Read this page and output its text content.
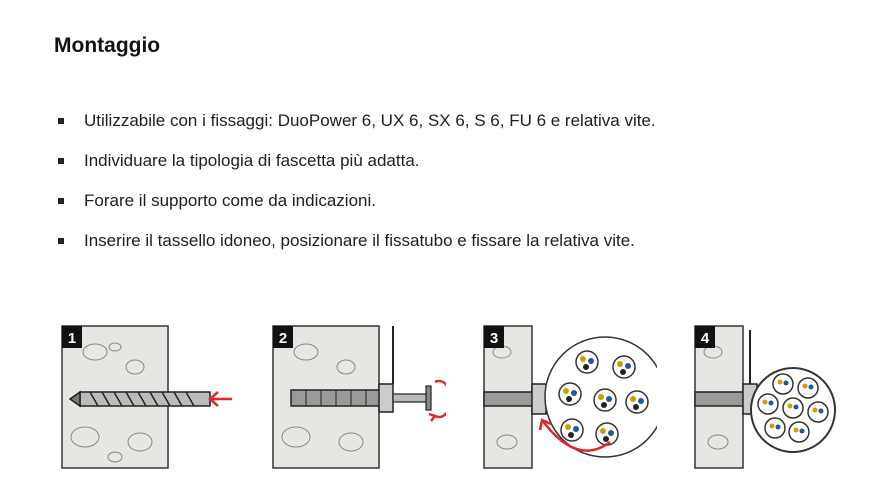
Montaggio
Utilizzabile con i fissaggi: DuoPower 6, UX 6, SX 6, S 6, FU 6 e relativa vite.
Individuare la tipologia di fascetta più adatta.
Forare il supporto come da indicazioni.
Inserire il tassello idoneo, posizionare il fissatubo e fissare la relativa vite.
1	2	3	4
